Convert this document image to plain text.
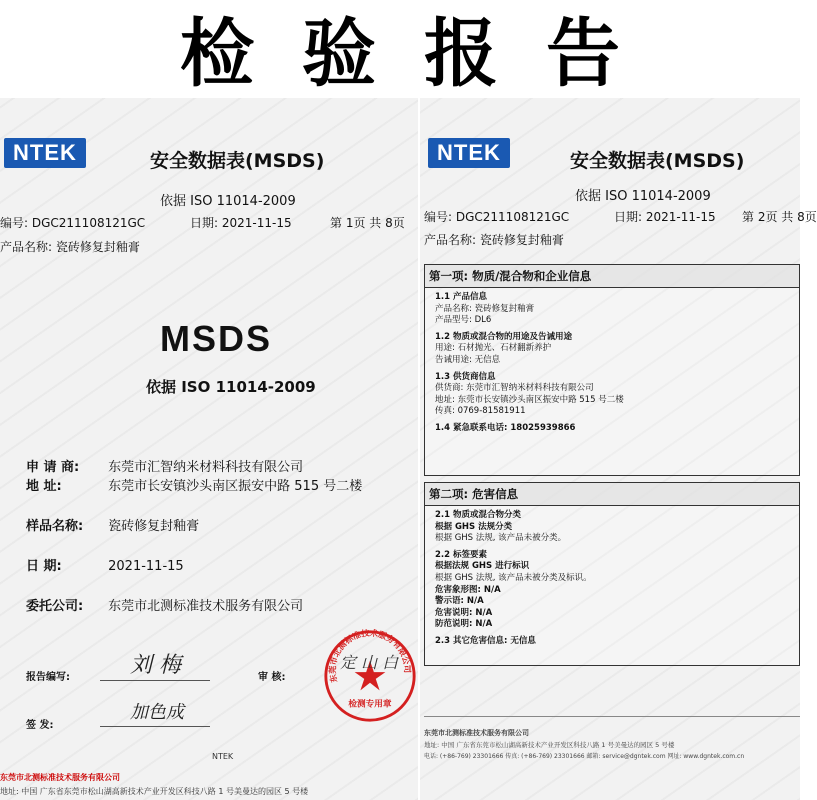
检验报告
NTEK	安全数据表(MSDS)
依据 ISO 11014-2009
编号: DGC211108121GC	日期: 2021-11-15	第 1页 共 8页
产品名称: 瓷砖修复封釉膏
MSDS
依据 ISO 11014-2009
申 请 商: 东莞市汇智纳米材料科技有限公司
地 址:	东莞市长安镇沙头南区振安中路 515 号二楼
样品名称: 瓷砖修复封釉膏
日 期:	2021-11-15
委托公司: 东莞市北测标准技术服务有限公司
报告编写:	刘 梅	审 核:
签 发:
加色成
东莞市北测标准技术服务有限公司
检测专用章
定 山 白
NTEK
东莞市北测标准技术服务有限公司
地址: 中国 广东省东莞市松山湖高新技术产业开发区科技八路 1 号美曼达的园区 5 号楼
NTEK	安全数据表(MSDS)
依据 ISO 11014-2009
编号: DGC211108121GC	日期: 2021-11-15 第 2页 共 8页
产品名称: 瓷砖修复封釉膏
第一项: 物质/混合物和企业信息
1.1 产品信息
产品名称: 瓷砖修复封釉膏
产品型号: DL6
1.2 物质或混合物的用途及告诫用途
用途: 石材抛光、石材翻新养护
告诫用途: 无信息
1.3 供货商信息
供货商: 东莞市汇智纳米材料科技有限公司
地址: 东莞市长安镇沙头南区振安中路 515 号二楼
传真: 0769-81581911
1.4 紧急联系电话: 18025939866
第二项: 危害信息
2.1 物质或混合物分类
根据 GHS 法规分类
根据 GHS 法规, 该产品未被分类。
2.2 标签要素
根据法规 GHS 进行标识
根据 GHS 法规, 该产品未被分类及标识。
危害象形图: N/A
警示语: N/A
危害说明: N/A
防范说明: N/A
2.3 其它危害信息: 无信息
东莞市北测标准技术服务有限公司
地址: 中国 广东省东莞市松山湖高新技术产业开发区科技八路 1 号美曼达的园区 5 号楼
电话: (+86-769) 23301666 传真: (+86-769) 23301666 邮箱: service@dgntek.com 网址: www.dgntek.com.cn
